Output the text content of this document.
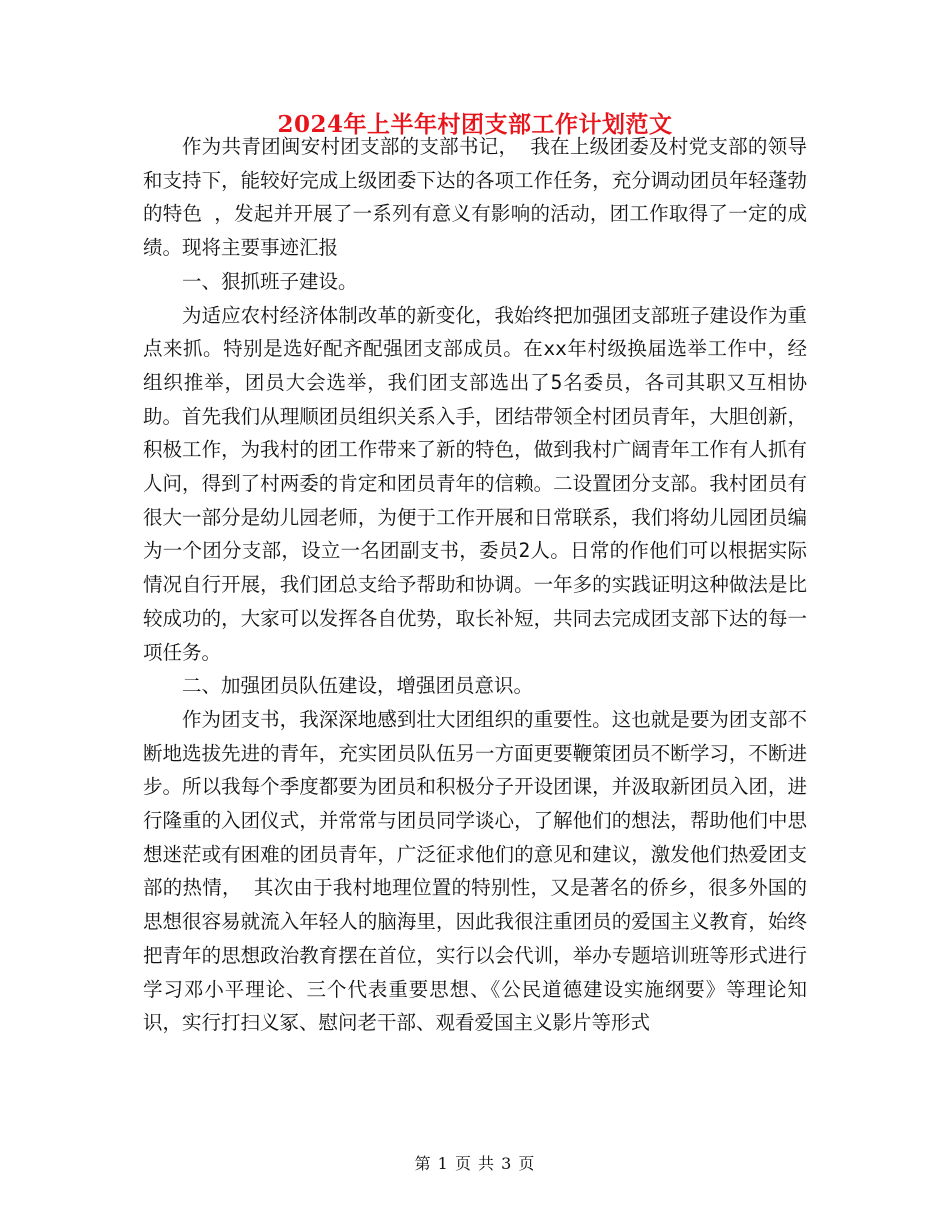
2024年上半年村团支部工作计划范文

作为共青团闽安村团支部的支部书记， 我在上级团委及村党支部的领导和支持下，能较好完成上级团委下达的各项工作任务，充分调动团员年轻蓬勃的特色 ，发起并开展了一系列有意义有影响的活动，团工作取得了一定的成绩。现将主要事迹汇报

一、狠抓班子建设。

为适应农村经济体制改革的新变化，我始终把加强团支部班子建设作为重点来抓。特别是选好配齐配强团支部成员。在xx年村级换届选举工作中，经组织推举，团员大会选举，我们团支部选出了5名委员，各司其职又互相协助。首先我们从理顺团员组织关系入手，团结带领全村团员青年，大胆创新，积极工作，为我村的团工作带来了新的特色，做到我村广阔青年工作有人抓有人问，得到了村两委的肯定和团员青年的信赖。二设置团分支部。我村团员有很大一部分是幼儿园老师，为便于工作开展和日常联系，我们将幼儿园团员编为一个团分支部，设立一名团副支书，委员2人。日常的作他们可以根据实际情况自行开展，我们团总支给予帮助和协调。一年多的实践证明这种做法是比较成功的，大家可以发挥各自优势，取长补短，共同去完成团支部下达的每一项任务。

二、加强团员队伍建设，增强团员意识。

作为团支书，我深深地感到壮大团组织的重要性。这也就是要为团支部不断地选拔先进的青年，充实团员队伍另一方面更要鞭策团员不断学习，不断进步。所以我每个季度都要为团员和积极分子开设团课，并汲取新团员入团，进行隆重的入团仪式，并常常与团员同学谈心，了解他们的想法，帮助他们中思想迷茫或有困难的团员青年，广泛征求他们的意见和建议，激发他们热爱团支部的热情， 其次由于我村地理位置的特别性，又是著名的侨乡，很多外国的思想很容易就流入年轻人的脑海里，因此我很注重团员的爱国主义教育，始终把青年的思想政治教育摆在首位，实行以会代训，举办专题培训班等形式进行学习邓小平理论、三个代表重要思想、《公民道德建设实施纲要》等理论知识，实行打扫义冢、慰问老干部、观看爱国主义影片等形式

第 1 页 共 3 页
